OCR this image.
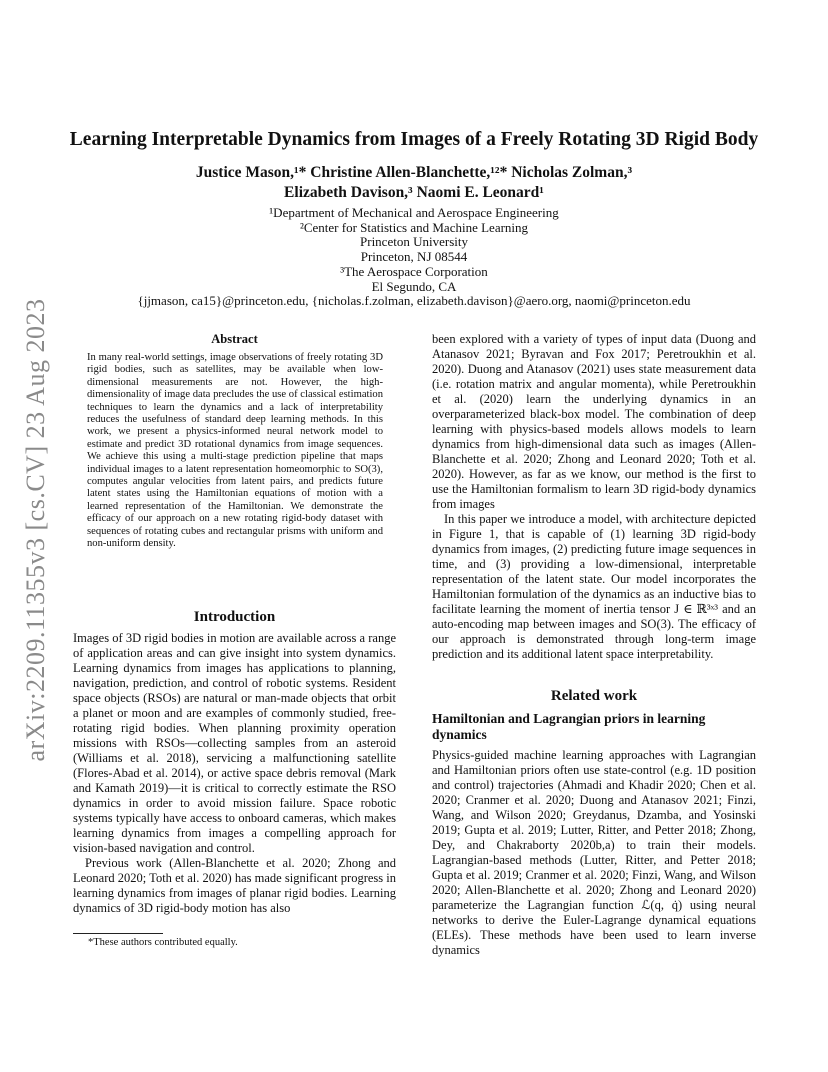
arXiv:2209.11355v3 [cs.CV] 23 Aug 2023
Learning Interpretable Dynamics from Images of a Freely Rotating 3D Rigid Body
Justice Mason,¹* Christine Allen-Blanchette,¹²* Nicholas Zolman,³
Elizabeth Davison,³ Naomi E. Leonard¹
¹Department of Mechanical and Aerospace Engineering
²Center for Statistics and Machine Learning
Princeton University
Princeton, NJ 08544
³The Aerospace Corporation
El Segundo, CA
{jjmason, ca15}@princeton.edu, {nicholas.f.zolman, elizabeth.davison}@aero.org, naomi@princeton.edu
Abstract
In many real-world settings, image observations of freely rotating 3D rigid bodies, such as satellites, may be available when low-dimensional measurements are not. However, the high-dimensionality of image data precludes the use of classical estimation techniques to learn the dynamics and a lack of interpretability reduces the usefulness of standard deep learning methods. In this work, we present a physics-informed neural network model to estimate and predict 3D rotational dynamics from image sequences. We achieve this using a multi-stage prediction pipeline that maps individual images to a latent representation homeomorphic to SO(3), computes angular velocities from latent pairs, and predicts future latent states using the Hamiltonian equations of motion with a learned representation of the Hamiltonian. We demonstrate the efficacy of our approach on a new rotating rigid-body dataset with sequences of rotating cubes and rectangular prisms with uniform and non-uniform density.
Introduction
Images of 3D rigid bodies in motion are available across a range of application areas and can give insight into system dynamics. Learning dynamics from images has applications to planning, navigation, prediction, and control of robotic systems. Resident space objects (RSOs) are natural or man-made objects that orbit a planet or moon and are examples of commonly studied, free-rotating rigid bodies. When planning proximity operation missions with RSOs—collecting samples from an asteroid (Williams et al. 2018), servicing a malfunctioning satellite (Flores-Abad et al. 2014), or active space debris removal (Mark and Kamath 2019)—it is critical to correctly estimate the RSO dynamics in order to avoid mission failure. Space robotic systems typically have access to onboard cameras, which makes learning dynamics from images a compelling approach for vision-based navigation and control.
Previous work (Allen-Blanchette et al. 2020; Zhong and Leonard 2020; Toth et al. 2020) has made significant progress in learning dynamics from images of planar rigid bodies. Learning dynamics of 3D rigid-body motion has also
*These authors contributed equally.
been explored with a variety of types of input data (Duong and Atanasov 2021; Byravan and Fox 2017; Peretroukhin et al. 2020). Duong and Atanasov (2021) uses state measurement data (i.e. rotation matrix and angular momenta), while Peretroukhin et al. (2020) learn the underlying dynamics in an overparameterized black-box model. The combination of deep learning with physics-based models allows models to learn dynamics from high-dimensional data such as images (Allen-Blanchette et al. 2020; Zhong and Leonard 2020; Toth et al. 2020). However, as far as we know, our method is the first to use the Hamiltonian formalism to learn 3D rigid-body dynamics from images
In this paper we introduce a model, with architecture depicted in Figure 1, that is capable of (1) learning 3D rigid-body dynamics from images, (2) predicting future image sequences in time, and (3) providing a low-dimensional, interpretable representation of the latent state. Our model incorporates the Hamiltonian formulation of the dynamics as an inductive bias to facilitate learning the moment of inertia tensor J ∈ ℝ³ˣ³ and an auto-encoding map between images and SO(3). The efficacy of our approach is demonstrated through long-term image prediction and its additional latent space interpretability.
Related work
Hamiltonian and Lagrangian priors in learning dynamics
Physics-guided machine learning approaches with Lagrangian and Hamiltonian priors often use state-control (e.g. 1D position and control) trajectories (Ahmadi and Khadir 2020; Chen et al. 2020; Cranmer et al. 2020; Duong and Atanasov 2021; Finzi, Wang, and Wilson 2020; Greydanus, Dzamba, and Yosinski 2019; Gupta et al. 2019; Lutter, Ritter, and Petter 2018; Zhong, Dey, and Chakraborty 2020b,a) to train their models. Lagrangian-based methods (Lutter, Ritter, and Petter 2018; Gupta et al. 2019; Cranmer et al. 2020; Finzi, Wang, and Wilson 2020; Allen-Blanchette et al. 2020; Zhong and Leonard 2020) parameterize the Lagrangian function ℒ(q, q̇) using neural networks to derive the Euler-Lagrange dynamical equations (ELEs). These methods have been used to learn inverse dynamics
